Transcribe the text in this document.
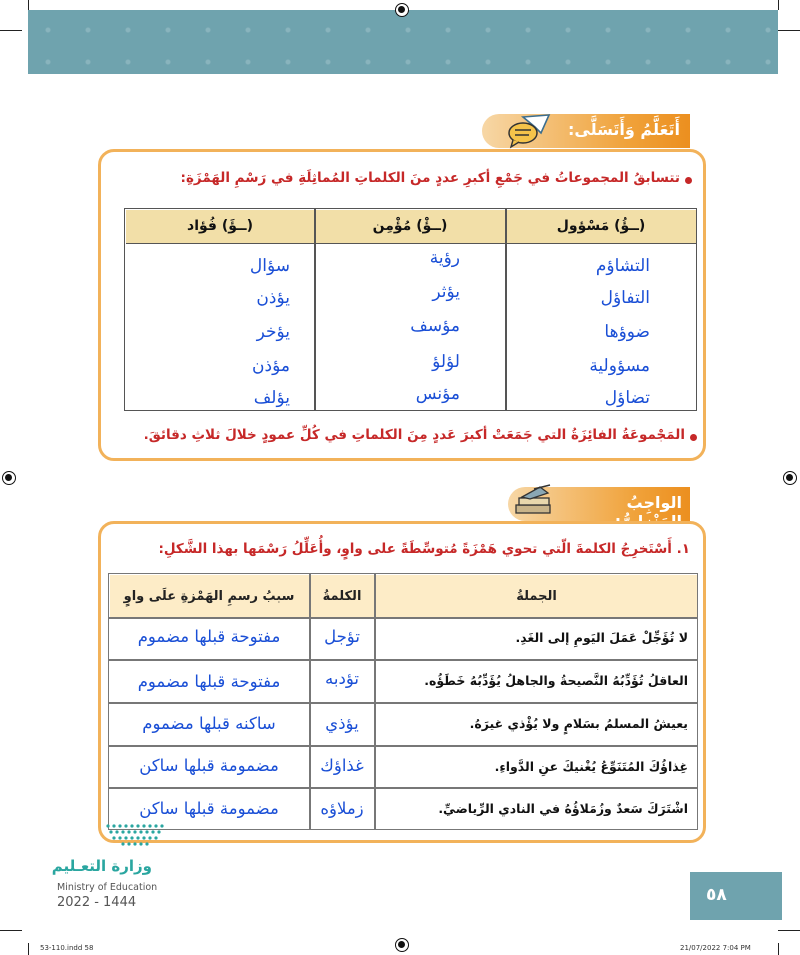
أَتَعَلَّمُ وَأَتَسَلَّى:
تتسابقُ المجموعاتُ في جَمْعِ أكبرِ عددٍ منَ الكلماتِ المُماثِلَةِ في رَسْمِ الهَمْزَةِ:
(ــؤُ) مَسْؤول
(ــؤْ) مُؤْمِن
(ــؤَ) فُؤاد
التشاؤم
التفاؤل
ضوؤها
مسؤولية
تضاؤل
رؤية
يؤثر
مؤسف
لؤلؤ
مؤنس
سؤال
يؤذن
يؤخر
مؤذن
يؤلف
المَجْموعَةُ الفائِزَةُ التي جَمَعَتْ أكبرَ عَددٍ مِنَ الكلماتِ في كُلِّ عمودٍ خلالَ ثلاثِ دقائقَ.
الواجِبُ
١. أَسْتَخرِجُ الكلمةَ الّتي تحوي هَمْزَةً مُتوسِّطَةً على واوٍ، وأُعَلِّلُ رَسْمَها بهذا الشَّكلِ:
الجملةُ
الكلمةُ
سببُ رسمِ الهَمْزةِ علَى واوٍ
لا تُؤَجِّلْ عَمَلَ اليَومِ إلى الغَدِ.
تؤجل
مفتوحة قبلها مضموم
العاقلُ تُؤَدِّبُهُ النَّصيحةُ والجاهلُ يُؤَدِّبُهُ خَطَؤُه.
تؤدبه
مفتوحة قبلها مضموم
يعيشُ المسلمُ بسَلامٍ ولا يُؤْذي غيرَهُ.
يؤذي
ساكنه قبلها مضموم
غِذاؤُكَ المُتَنَوِّعُ يُغْنيكَ عنِ الدَّواءِ.
غذاؤك
مضمومة قبلها ساكن
اشْتَرَكَ سَعدٌ وزُمَلاؤُهُ في النادي الرِّياضيِّ.
زملاؤه
مضمومة قبلها ساكن
وزارة التعـليم
Ministry of Education
2022 - 1444	٥٨
53-110.indd 58	21/07/2022 7:04 PM
